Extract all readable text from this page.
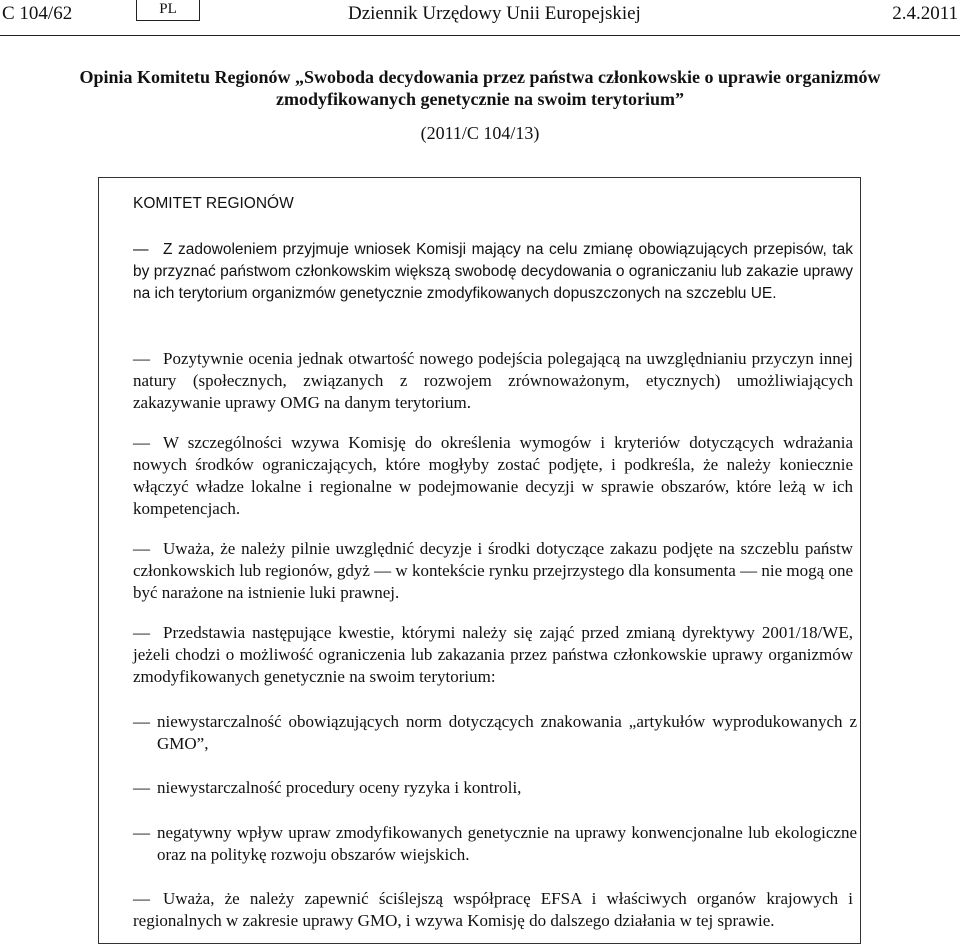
C 104/62	PL	Dziennik Urzędowy Unii Europejskiej	2.4.2011
Opinia Komitetu Regionów „Swoboda decydowania przez państwa członkowskie o uprawie organizmów zmodyfikowanych genetycznie na swoim terytorium”
(2011/C 104/13)
KOMITET REGIONÓW
— Z zadowoleniem przyjmuje wniosek Komisji mający na celu zmianę obowiązujących przepisów, tak by przyznać państwom członkowskim większą swobodę decydowania o ograniczaniu lub zakazie uprawy na ich terytorium organizmów genetycznie zmodyfikowanych dopuszczonych na szczeblu UE.
— Pozytywnie ocenia jednak otwartość nowego podejścia polegającą na uwzględnianiu przyczyn innej natury (społecznych, związanych z rozwojem zrównoważonym, etycznych) umożliwiających zakazywanie uprawy OMG na danym terytorium.
— W szczególności wzywa Komisję do określenia wymogów i kryteriów dotyczących wdrażania nowych środków ograniczających, które mogłyby zostać podjęte, i podkreśla, że należy koniecznie włączyć władze lokalne i regionalne w podejmowanie decyzji w sprawie obszarów, które leżą w ich kompetencjach.
— Uważa, że należy pilnie uwzględnić decyzje i środki dotyczące zakazu podjęte na szczeblu państw członkowskich lub regionów, gdyż — w kontekście rynku przejrzystego dla konsumenta — nie mogą one być narażone na istnienie luki prawnej.
— Przedstawia następujące kwestie, którymi należy się zająć przed zmianą dyrektywy 2001/18/WE, jeżeli chodzi o możliwość ograniczenia lub zakazania przez państwa członkowskie uprawy organizmów zmodyfikowanych genetycznie na swoim terytorium:
— niewystarczalność obowiązujących norm dotyczących znakowania „artykułów wyprodukowanych z GMO”,
— niewystarczalność procedury oceny ryzyka i kontroli,
— negatywny wpływ upraw zmodyfikowanych genetycznie na uprawy konwencjonalne lub ekologiczne oraz na politykę rozwoju obszarów wiejskich.
— Uważa, że należy zapewnić ściślejszą współpracę EFSA i właściwych organów krajowych i regionalnych w zakresie uprawy GMO, i wzywa Komisję do dalszego działania w tej sprawie.
